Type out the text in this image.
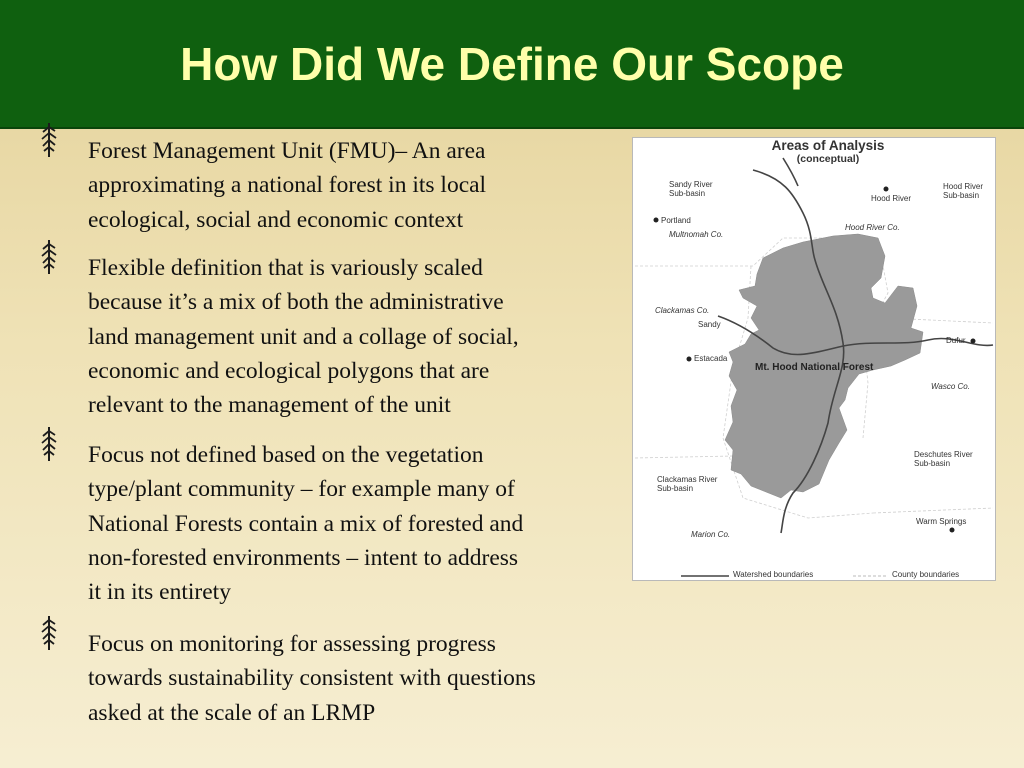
How Did We Define Our Scope
Forest Management Unit (FMU)– An area
approximating a national forest in its local
ecological, social and economic context
Flexible definition that is variously scaled
because it’s a mix of both the administrative
land management unit and a collage of social,
economic and ecological polygons that are
relevant to the management of the unit
Focus not defined based on the vegetation
type/plant community – for example many of
National Forests contain a mix of forested and
non-forested environments – intent to address
it in its entirety
Focus on monitoring for assessing progress
towards sustainability consistent with questions
asked at the scale of an LRMP
Areas of Analysis
(conceptual)
Sandy River
Sub-basin
Hood River
Hood River
Sub-basin
Portland
Multnomah Co.
Hood River Co.
Clackamas Co.
Sandy
Dufur
Estacada
Mt. Hood National Forest
Wasco Co.
Deschutes River
Sub-basin
Clackamas River
Sub-basin
Warm Springs
Marion Co.
Watershed boundaries	County boundaries
